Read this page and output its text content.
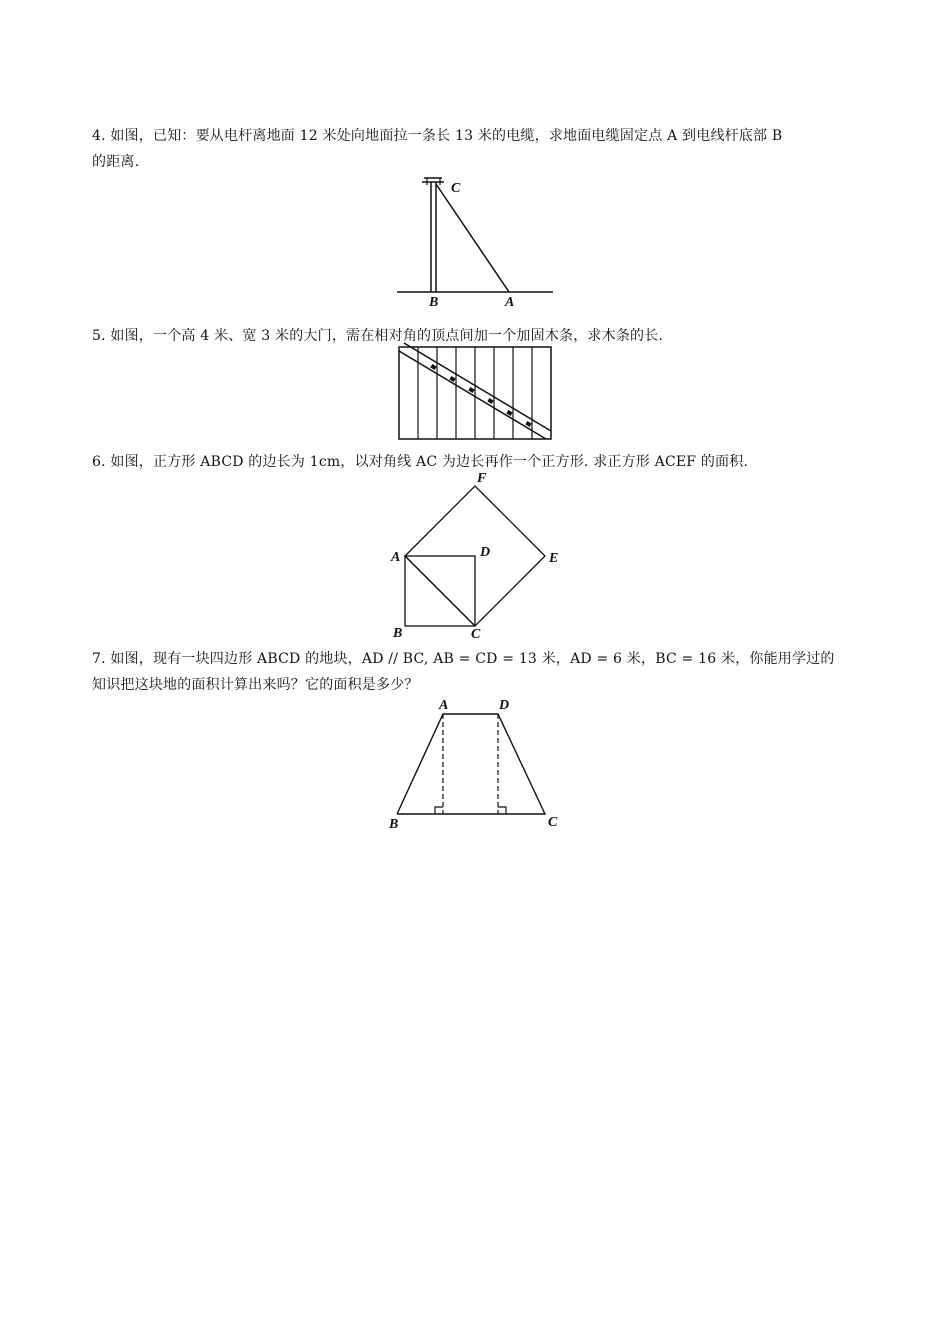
4. 如图，已知：要从电杆离地面 12 米处向地面拉一条长 13 米的电缆，求地面电缆固定点 A 到电线杆底部 B
的距离.
C
B	A
5. 如图，一个高 4 米、宽 3 米的大门，需在相对角的顶点间加一个加固木条，求木条的长.
6. 如图，正方形 ABCD 的边长为 1cm，以对角线 AC 为边长再作一个正方形. 求正方形 ACEF 的面积.
A
B	C
D	E
F
7. 如图，现有一块四边形 ABCD 的地块，AD // BC, AB = CD = 13 米，AD = 6 米，BC = 16 米，你能用学过的
知识把这块地的面积计算出来吗？它的面积是多少？
A	D
B	C
